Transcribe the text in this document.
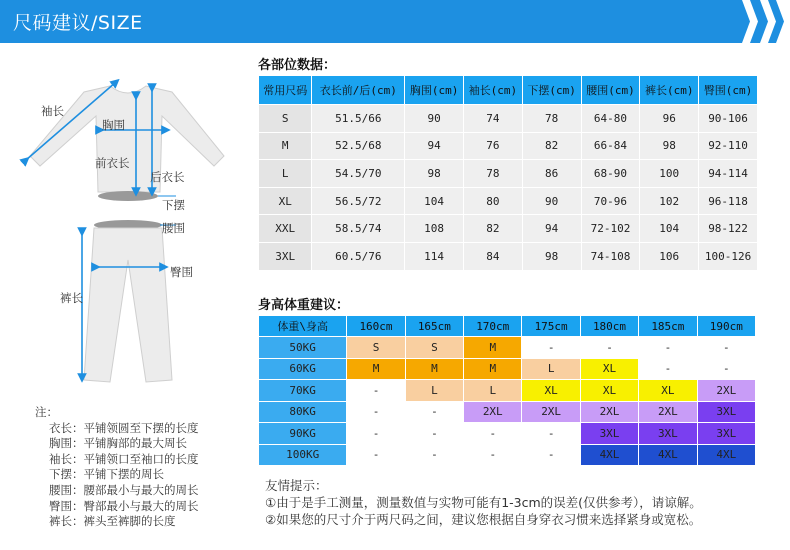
尺码建议/SIZE
袖长
胸围
前衣长
后衣长
下摆
腰围
臀围
裤长
注：
衣长：平铺领圆至下摆的长度
胸围：平铺胸部的最大周长
袖长：平铺领口至袖口的长度
下摆：平铺下摆的周长
腰围：腰部最小与最大的周长
臀围：臀部最小与最大的周长
裤长：裤头至裤脚的长度
各部位数据：
常用尺码	衣长前/后(cm)	胸围(cm)	袖长(cm)	下摆(cm)	腰围(cm)	裤长(cm)	臀围(cm)
S	51.5/66	90	74	78	64-80	96	90-106
M	52.5/68	94	76	82	66-84	98	92-110
L	54.5/70	98	78	86	68-90	100	94-114
XL	56.5/72	104	80	90	70-96	102	96-118
XXL	58.5/74	108	82	94	72-102	104	98-122
3XL	60.5/76	114	84	98	74-108	106	100-126
身高体重建议：
体重\身高	160cm	165cm	170cm	175cm	180cm	185cm	190cm
50KG	S	S	M	-	-	-	-
60KG	M	M	M	L	XL	-	-
70KG	-	L	L	XL	XL	XL	2XL
80KG	-	-	2XL	2XL	2XL	2XL	3XL
90KG	-	-	-	-	3XL	3XL	3XL
100KG	-	-	-	-	4XL	4XL	4XL
友情提示：
①由于是手工测量，测量数值与实物可能有1-3cm的误差(仅供参考），请谅解。
②如果您的尺寸介于两尺码之间，建议您根据自身穿衣习惯来选择紧身或宽松。
